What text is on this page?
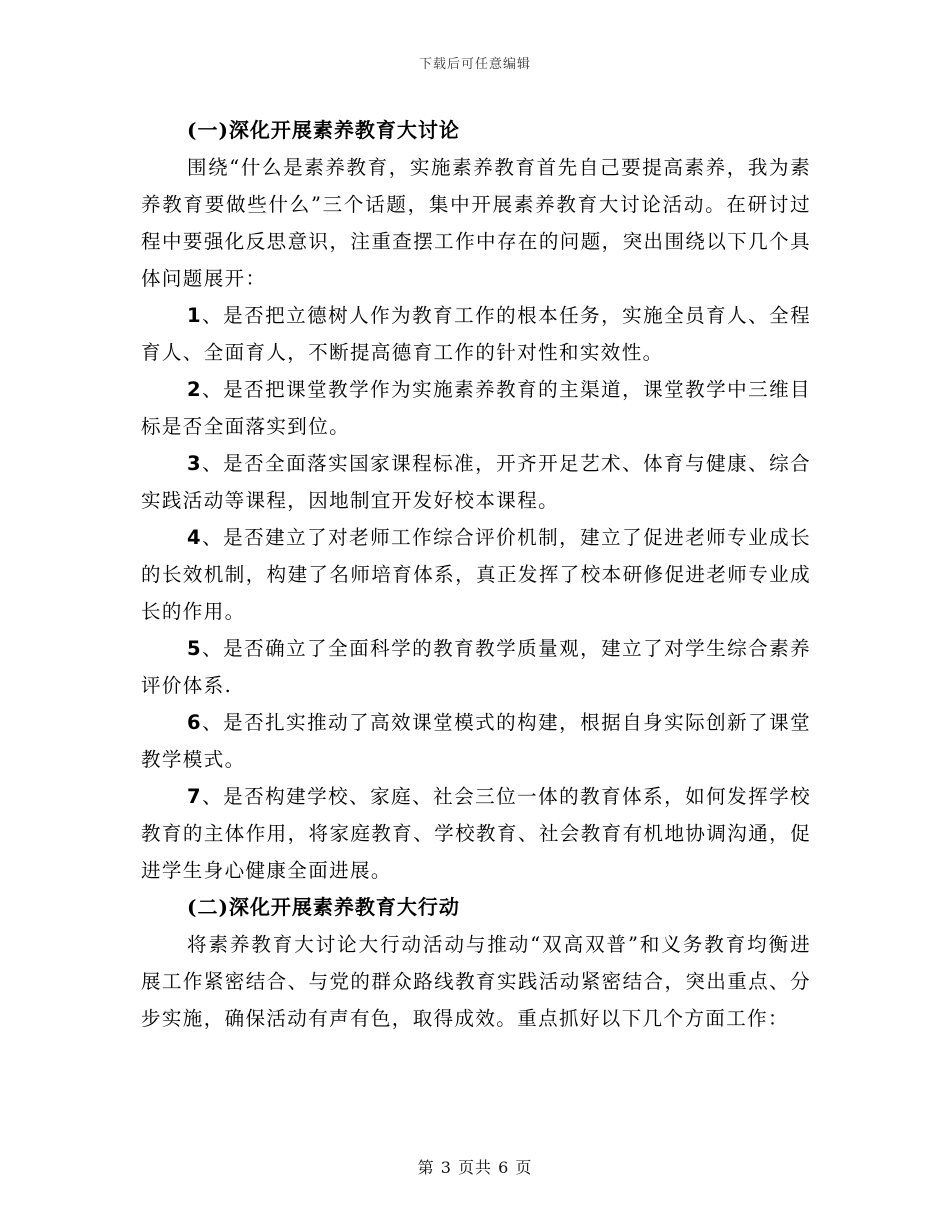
下载后可任意编辑

(一)深化开展素养教育大讨论

围绕“什么是素养教育，实施素养教育首先自己要提高素养，我为素养教育要做些什么”三个话题，集中开展素养教育大讨论活动。在研讨过程中要强化反思意识，注重查摆工作中存在的问题，突出围绕以下几个具体问题展开：

1、是否把立德树人作为教育工作的根本任务，实施全员育人、全程育人、全面育人，不断提高德育工作的针对性和实效性。

2、是否把课堂教学作为实施素养教育的主渠道，课堂教学中三维目标是否全面落实到位。

3、是否全面落实国家课程标准，开齐开足艺术、体育与健康、综合实践活动等课程，因地制宜开发好校本课程。

4、是否建立了对老师工作综合评价机制，建立了促进老师专业成长的长效机制，构建了名师培育体系，真正发挥了校本研修促进老师专业成长的作用。

5、是否确立了全面科学的教育教学质量观，建立了对学生综合素养评价体系.

6、是否扎实推动了高效课堂模式的构建，根据自身实际创新了课堂教学模式。

7、是否构建学校、家庭、社会三位一体的教育体系，如何发挥学校教育的主体作用，将家庭教育、学校教育、社会教育有机地协调沟通，促进学生身心健康全面进展。

(二)深化开展素养教育大行动

将素养教育大讨论大行动活动与推动“双高双普”和义务教育均衡进展工作紧密结合、与党的群众路线教育实践活动紧密结合，突出重点、分步实施，确保活动有声有色，取得成效。重点抓好以下几个方面工作：

第 3 页共 6 页
